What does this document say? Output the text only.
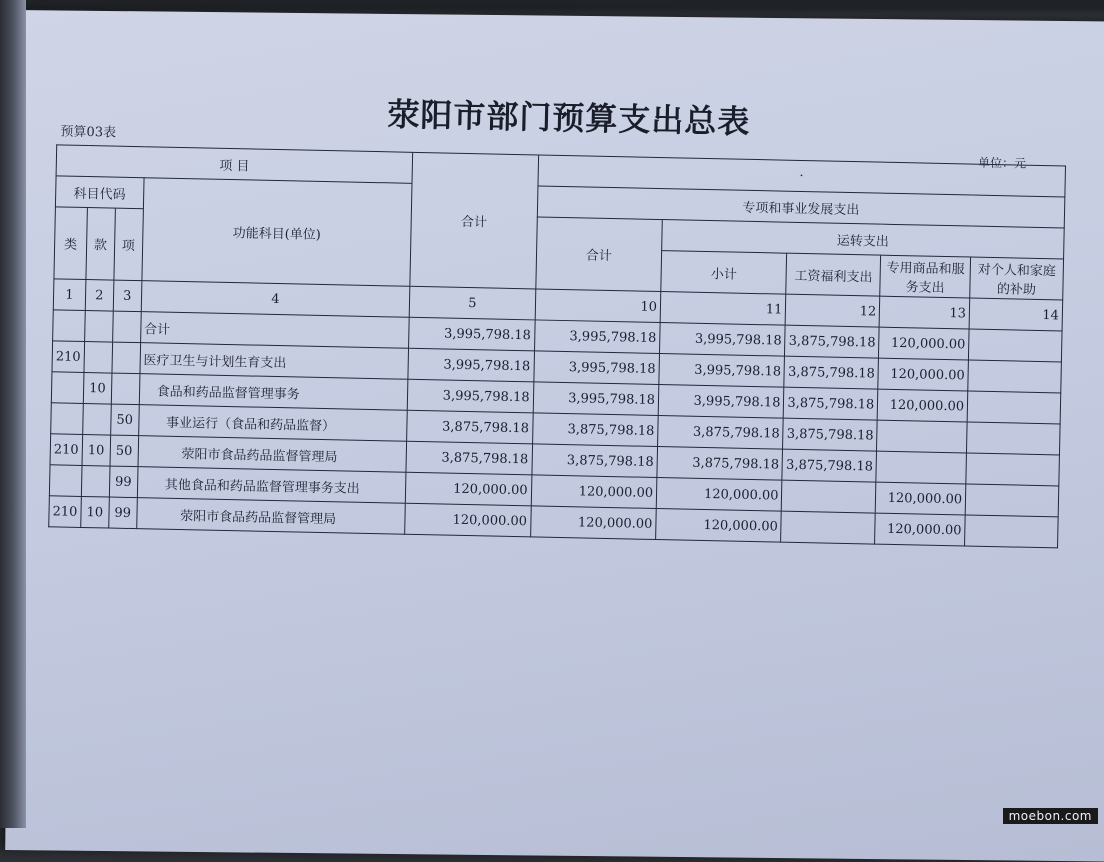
荥阳市部门预算支出总表
预算03表
单位：元
项 目				合计	·				
科目代码			功能科目(单位)		专项和事业发展支出				
类	款	项			合计	运转支出			
						小计	工资福利支出	专用商品和服务支出	对个人和家庭的补助
1	2	3	4	5	10	11	12	13	14
			合计	3,995,798.18	3,995,798.18	3,995,798.18	3,875,798.18	120,000.00	
210			医疗卫生与计划生育支出	3,995,798.18	3,995,798.18	3,995,798.18	3,875,798.18	120,000.00	
	10		食品和药品监督管理事务	3,995,798.18	3,995,798.18	3,995,798.18	3,875,798.18	120,000.00	
		50	事业运行（食品和药品监督）	3,875,798.18	3,875,798.18	3,875,798.18	3,875,798.18		
210	10	50	荥阳市食品药品监督管理局	3,875,798.18	3,875,798.18	3,875,798.18	3,875,798.18		
		99	其他食品和药品监督管理事务支出	120,000.00	120,000.00	120,000.00		120,000.00	
210	10	99	荥阳市食品药品监督管理局	120,000.00	120,000.00	120,000.00		120,000.00	
moebon.com
